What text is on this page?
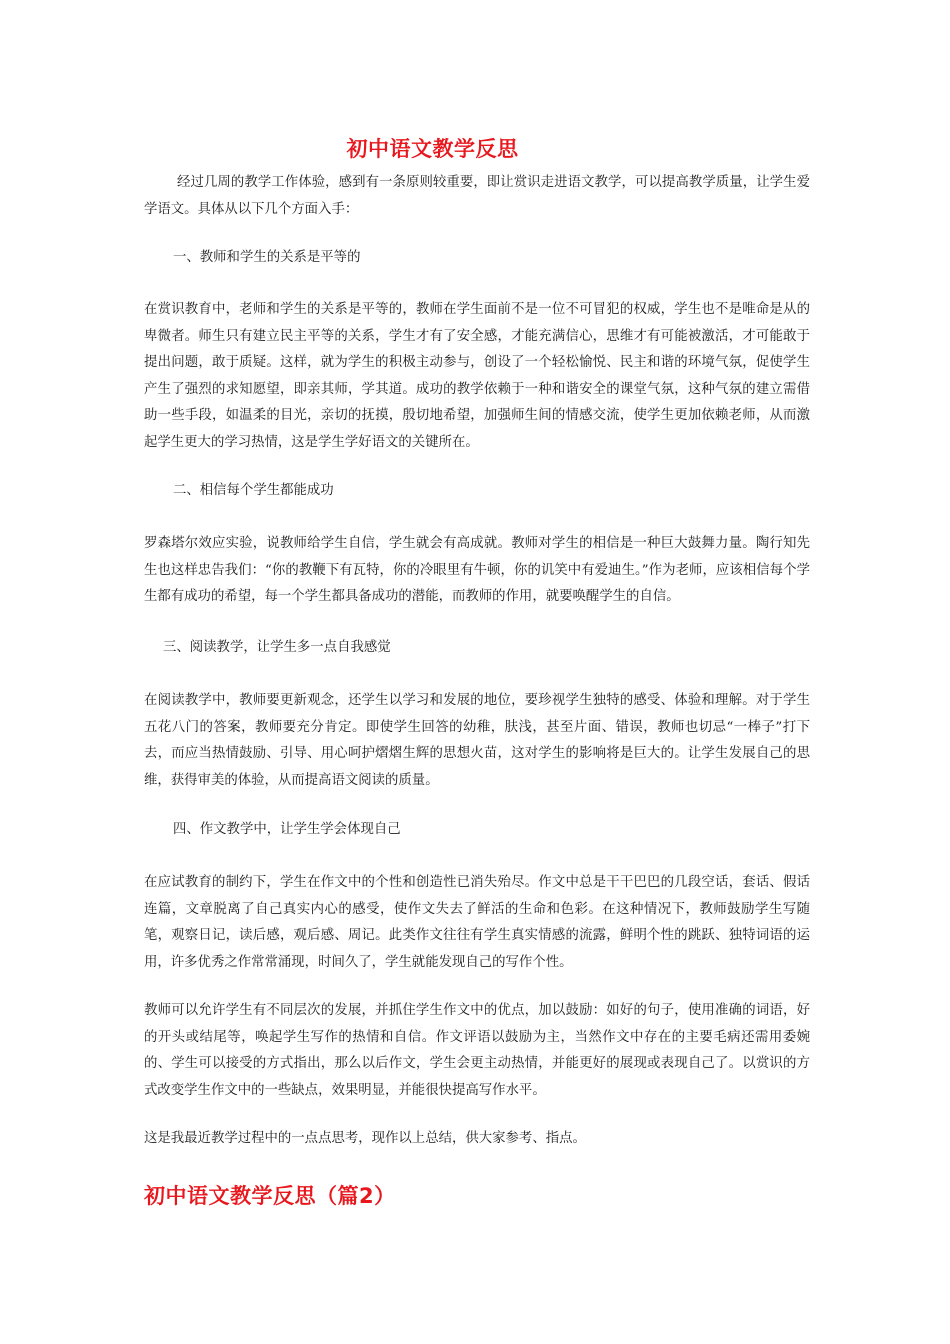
初中语文教学反思

经过几周的教学工作体验，感到有一条原则较重要，即让赏识走进语文教学，可以提高教学质量，让学生爱学语文。具体从以下几个方面入手：

一、教师和学生的关系是平等的

在赏识教育中，老师和学生的关系是平等的，教师在学生面前不是一位不可冒犯的权威，学生也不是唯命是从的卑微者。师生只有建立民主平等的关系，学生才有了安全感，才能充满信心，思维才有可能被激活，才可能敢于提出问题，敢于质疑。这样，就为学生的积极主动参与，创设了一个轻松愉悦、民主和谐的环境气氛，促使学生产生了强烈的求知愿望，即亲其师，学其道。成功的教学依赖于一种和谐安全的课堂气氛，这种气氛的建立需借助一些手段，如温柔的目光，亲切的抚摸，殷切地希望，加强师生间的情感交流，使学生更加依赖老师，从而激起学生更大的学习热情，这是学生学好语文的关键所在。

二、相信每个学生都能成功

罗森塔尔效应实验，说教师给学生自信，学生就会有高成就。教师对学生的相信是一种巨大鼓舞力量。陶行知先生也这样忠告我们：“你的教鞭下有瓦特，你的冷眼里有牛顿，你的讥笑中有爱迪生。”作为老师，应该相信每个学生都有成功的希望，每一个学生都具备成功的潜能，而教师的作用，就要唤醒学生的自信。

三、阅读教学，让学生多一点自我感觉

在阅读教学中，教师要更新观念，还学生以学习和发展的地位，要珍视学生独特的感受、体验和理解。对于学生五花八门的答案，教师要充分肯定。即使学生回答的幼稚，肤浅，甚至片面、错误，教师也切忌“一棒子”打下去，而应当热情鼓励、引导、用心呵护熠熠生辉的思想火苗，这对学生的影响将是巨大的。让学生发展自己的思维，获得审美的体验，从而提高语文阅读的质量。

四、作文教学中，让学生学会体现自己

在应试教育的制约下，学生在作文中的个性和创造性已消失殆尽。作文中总是干干巴巴的几段空话，套话、假话连篇，文章脱离了自己真实内心的感受，使作文失去了鲜活的生命和色彩。在这种情况下，教师鼓励学生写随笔，观察日记，读后感，观后感、周记。此类作文往往有学生真实情感的流露，鲜明个性的跳跃、独特词语的运用，许多优秀之作常常涌现，时间久了，学生就能发现自己的写作个性。

教师可以允许学生有不同层次的发展，并抓住学生作文中的优点，加以鼓励：如好的句子，使用准确的词语，好的开头或结尾等，唤起学生写作的热情和自信。作文评语以鼓励为主，当然作文中存在的主要毛病还需用委婉的、学生可以接受的方式指出，那么以后作文，学生会更主动热情，并能更好的展现或表现自己了。以赏识的方式改变学生作文中的一些缺点，效果明显，并能很快提高写作水平。

这是我最近教学过程中的一点点思考，现作以上总结，供大家参考、指点。

初中语文教学反思（篇2）
